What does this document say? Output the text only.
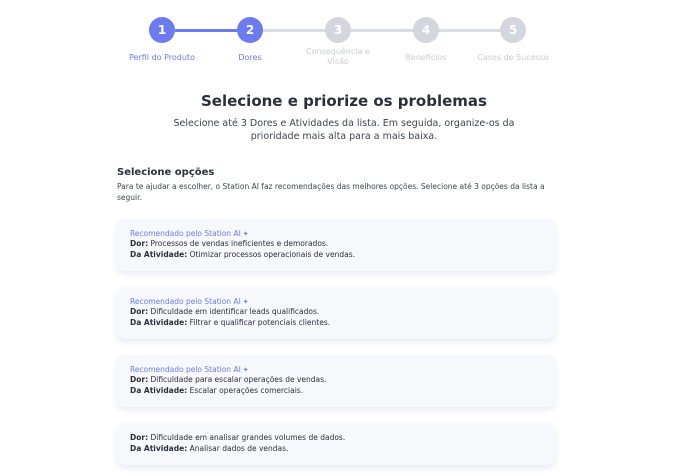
1	2	3	4	5
Perfil do Produto	Dores
Consequência e Visão	Benefícios	Casos de Sucesso
Selecione e priorize os problemas
Selecione até 3 Dores e Atividades da lista. Em seguida, organize-os da prioridade mais alta para a mais baixa.
Selecione opções
Para te ajudar a escolher, o Station AI faz recomendações das melhores opções. Selecione até 3 opções da lista a seguir.
Recomendado pelo Station AI ✦
Dor: Processos de vendas ineficientes e demorados.
Da Atividade: Otimizar processos operacionais de vendas.
Recomendado pelo Station AI ✦
Dor: Dificuldade em identificar leads qualificados.
Da Atividade: Filtrar e qualificar potenciais clientes.
Recomendado pelo Station AI ✦
Dor: Dificuldade para escalar operações de vendas.
Da Atividade: Escalar operações comerciais.
Dor: Dificuldade em analisar grandes volumes de dados.
Da Atividade: Analisar dados de vendas.
